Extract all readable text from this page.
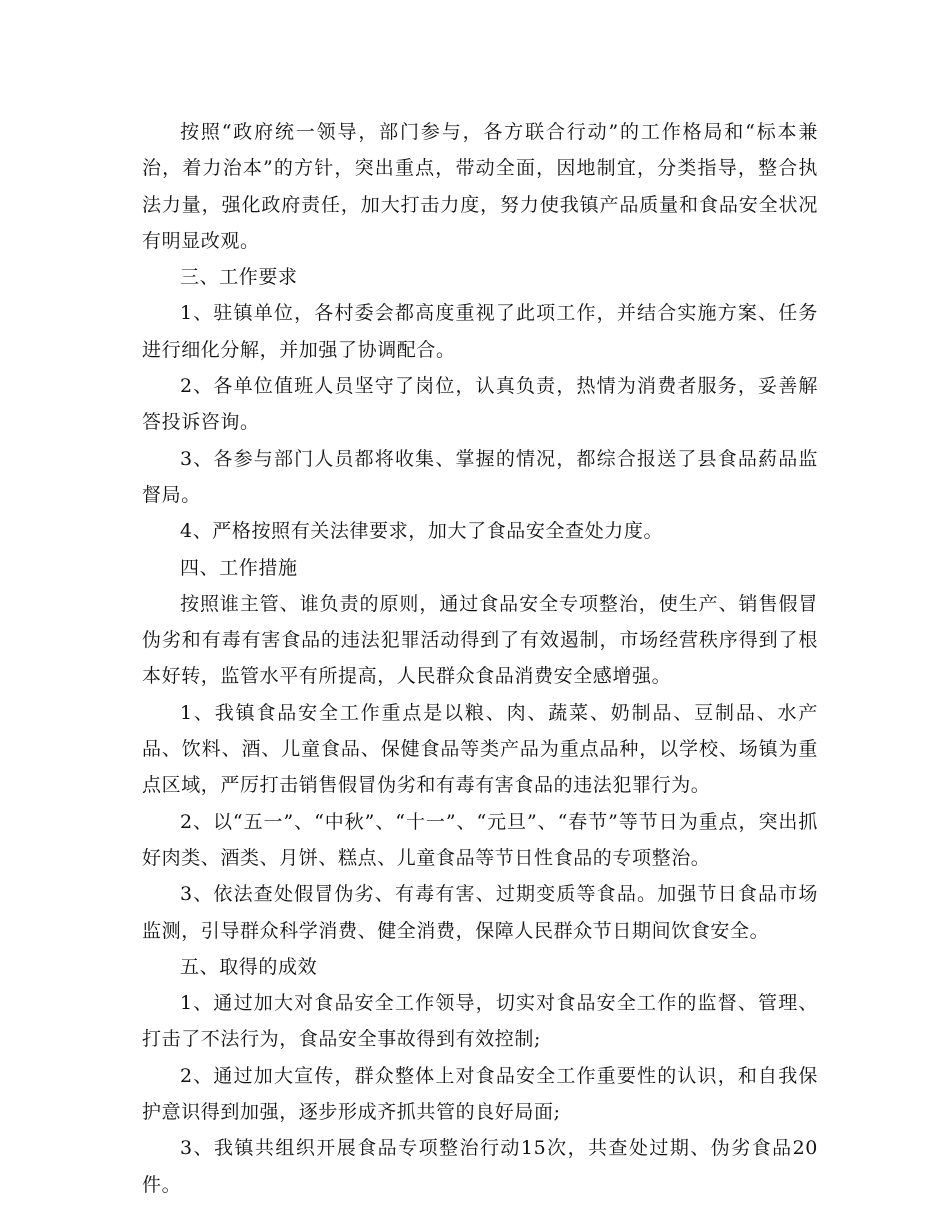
按照“政府统一领导，部门参与，各方联合行动”的工作格局和“标本兼治，着力治本”的方针，突出重点，带动全面，因地制宜，分类指导，整合执法力量，强化政府责任，加大打击力度，努力使我镇产品质量和食品安全状况有明显改观。

三、工作要求

1、驻镇单位，各村委会都高度重视了此项工作，并结合实施方案、任务进行细化分解，并加强了协调配合。

2、各单位值班人员坚守了岗位，认真负责，热情为消费者服务，妥善解答投诉咨询。

3、各参与部门人员都将收集、掌握的情况，都综合报送了县食品葯品监督局。

4、严格按照有关法律要求，加大了食品安全查处力度。

四、工作措施

按照谁主管、谁负责的原则，通过食品安全专项整治，使生产、销售假冒伪劣和有毒有害食品的违法犯罪活动得到了有效遏制，市场经营秩序得到了根本好转，监管水平有所提高，人民群众食品消费安全感增强。

1、我镇食品安全工作重点是以粮、肉、蔬菜、奶制品、豆制品、水产品、饮料、酒、儿童食品、保健食品等类产品为重点品种，以学校、场镇为重点区域，严厉打击销售假冒伪劣和有毒有害食品的违法犯罪行为。

2、以“五一”、“中秋”、“十一”、“元旦”、“春节”等节日为重点，突出抓好肉类、酒类、月饼、糕点、儿童食品等节日性食品的专项整治。

3、依法查处假冒伪劣、有毒有害、过期变质等食品。加强节日食品市场监测，引导群众科学消费、健全消费，保障人民群众节日期间饮食安全。

五、取得的成效

1、通过加大对食品安全工作领导，切实对食品安全工作的监督、管理、打击了不法行为，食品安全事故得到有效控制;

2、通过加大宣传，群众整体上对食品安全工作重要性的认识，和自我保护意识得到加强，逐步形成齐抓共管的良好局面;

3、我镇共组织开展食品专项整治行动15次，共查处过期、伪劣食品20件。
